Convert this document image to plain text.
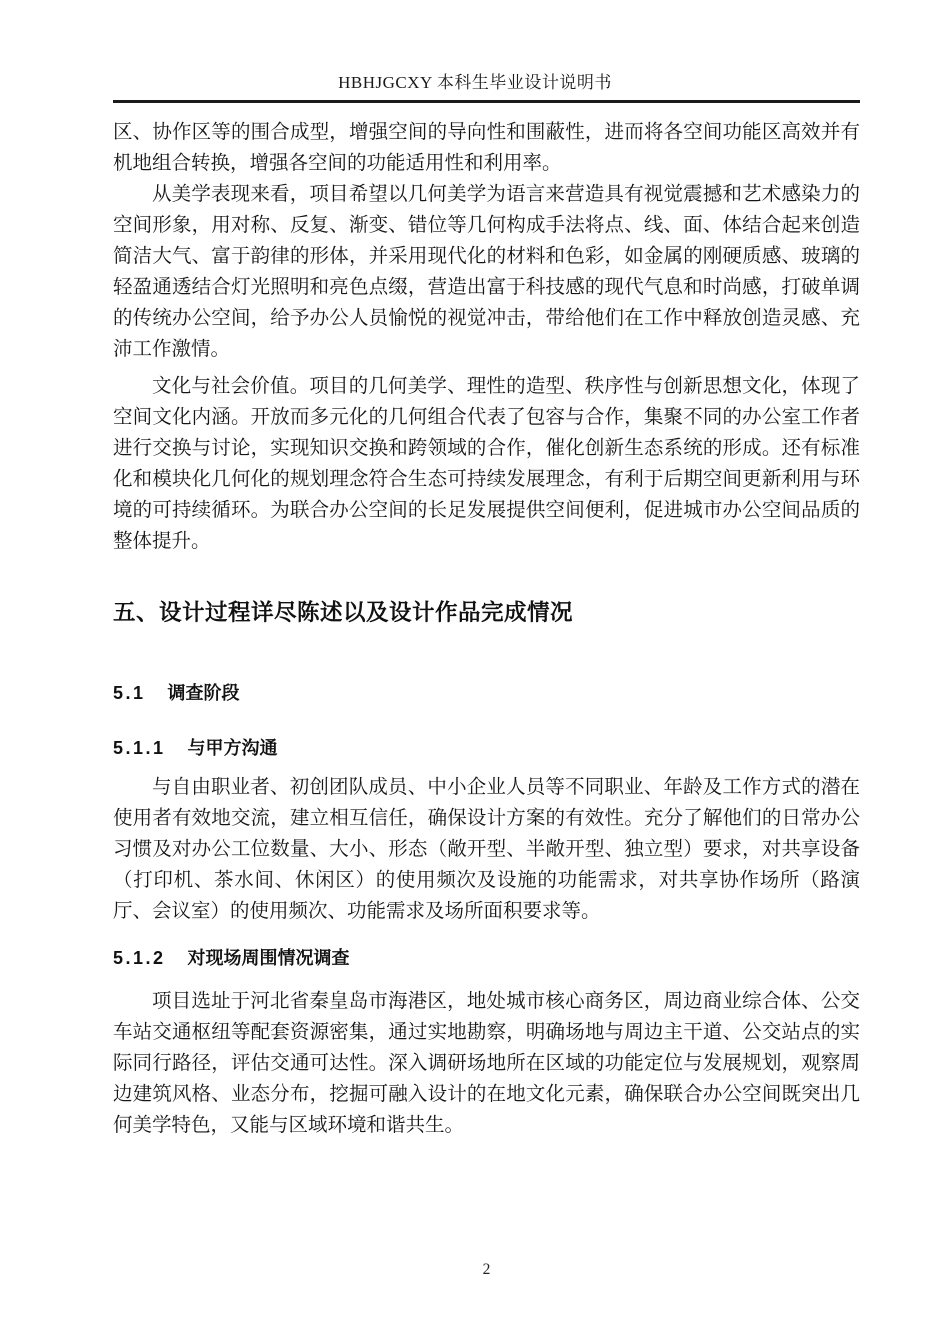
HBHJGCXY 本科生毕业设计说明书

区、协作区等的围合成型，增强空间的导向性和围蔽性，进而将各空间功能区高效并有机地组合转换，增强各空间的功能适用性和利用率。

从美学表现来看，项目希望以几何美学为语言来营造具有视觉震撼和艺术感染力的空间形象，用对称、反复、渐变、错位等几何构成手法将点、线、面、体结合起来创造简洁大气、富于韵律的形体，并采用现代化的材料和色彩，如金属的刚硬质感、玻璃的轻盈通透结合灯光照明和亮色点缀，营造出富于科技感的现代气息和时尚感，打破单调的传统办公空间，给予办公人员愉悦的视觉冲击，带给他们在工作中释放创造灵感、充沛工作激情。

文化与社会价值。项目的几何美学、理性的造型、秩序性与创新思想文化，体现了空间文化内涵。开放而多元化的几何组合代表了包容与合作，集聚不同的办公室工作者进行交换与讨论，实现知识交换和跨领域的合作，催化创新生态系统的形成。还有标准化和模块化几何化的规划理念符合生态可持续发展理念，有利于后期空间更新利用与环境的可持续循环。为联合办公空间的长足发展提供空间便利，促进城市办公空间品质的整体提升。

五、设计过程详尽陈述以及设计作品完成情况
5.1 调查阶段
5.1.1 与甲方沟通

与自由职业者、初创团队成员、中小企业人员等不同职业、年龄及工作方式的潜在使用者有效地交流，建立相互信任，确保设计方案的有效性。充分了解他们的日常办公习惯及对办公工位数量、大小、形态（敞开型、半敞开型、独立型）要求，对共享设备（打印机、茶水间、休闲区）的使用频次及设施的功能需求，对共享协作场所（路演厅、会议室）的使用频次、功能需求及场所面积要求等。

5.1.2 对现场周围情况调查

项目选址于河北省秦皇岛市海港区，地处城市核心商务区，周边商业综合体、公交车站交通枢纽等配套资源密集，通过实地勘察，明确场地与周边主干道、公交站点的实际同行路径，评估交通可达性。深入调研场地所在区域的功能定位与发展规划，观察周边建筑风格、业态分布，挖掘可融入设计的在地文化元素，确保联合办公空间既突出几何美学特色，又能与区域环境和谐共生。

2
